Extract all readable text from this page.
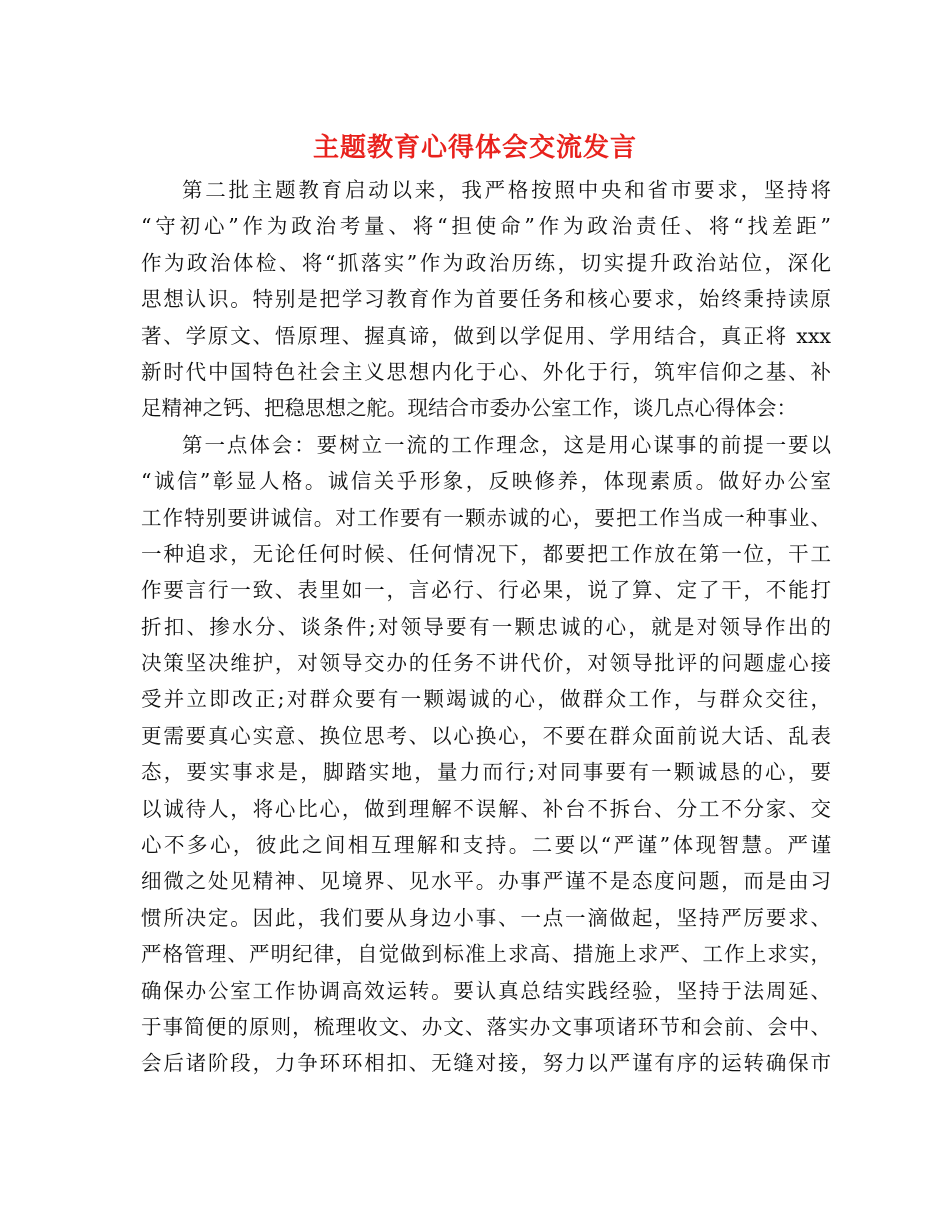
主题教育心得体会交流发言
第二批主题教育启动以来，我严格按照中央和省市要求，坚持将
“守初心”作为政治考量、将“担使命”作为政治责任、将“找差距”
作为政治体检、将“抓落实”作为政治历练，切实提升政治站位，深化
思想认识。特别是把学习教育作为首要任务和核心要求，始终秉持读原
著、学原文、悟原理、握真谛，做到以学促用、学用结合，真正将 xxx
新时代中国特色社会主义思想内化于心、外化于行，筑牢信仰之基、补
足精神之钙、把稳思想之舵。现结合市委办公室工作，谈几点心得体会：
第一点体会：要树立一流的工作理念，这是用心谋事的前提一要以
“诚信”彰显人格。诚信关乎形象，反映修养，体现素质。做好办公室
工作特别要讲诚信。对工作要有一颗赤诚的心，要把工作当成一种事业、
一种追求，无论任何时候、任何情况下，都要把工作放在第一位，干工
作要言行一致、表里如一，言必行、行必果，说了算、定了干，不能打
折扣、掺水分、谈条件;对领导要有一颗忠诚的心，就是对领导作出的
决策坚决维护，对领导交办的任务不讲代价，对领导批评的问题虚心接
受并立即改正;对群众要有一颗竭诚的心，做群众工作，与群众交往，
更需要真心实意、换位思考、以心换心，不要在群众面前说大话、乱表
态，要实事求是，脚踏实地，量力而行;对同事要有一颗诚恳的心，要
以诚待人，将心比心，做到理解不误解、补台不拆台、分工不分家、交
心不多心，彼此之间相互理解和支持。二要以“严谨”体现智慧。严谨
细微之处见精神、见境界、见水平。办事严谨不是态度问题，而是由习
惯所决定。因此，我们要从身边小事、一点一滴做起，坚持严厉要求、
严格管理、严明纪律，自觉做到标准上求高、措施上求严、工作上求实，
确保办公室工作协调高效运转。要认真总结实践经验，坚持于法周延、
于事简便的原则，梳理收文、办文、落实办文事项诸环节和会前、会中、
会后诸阶段，力争环环相扣、无缝对接，努力以严谨有序的运转确保市
